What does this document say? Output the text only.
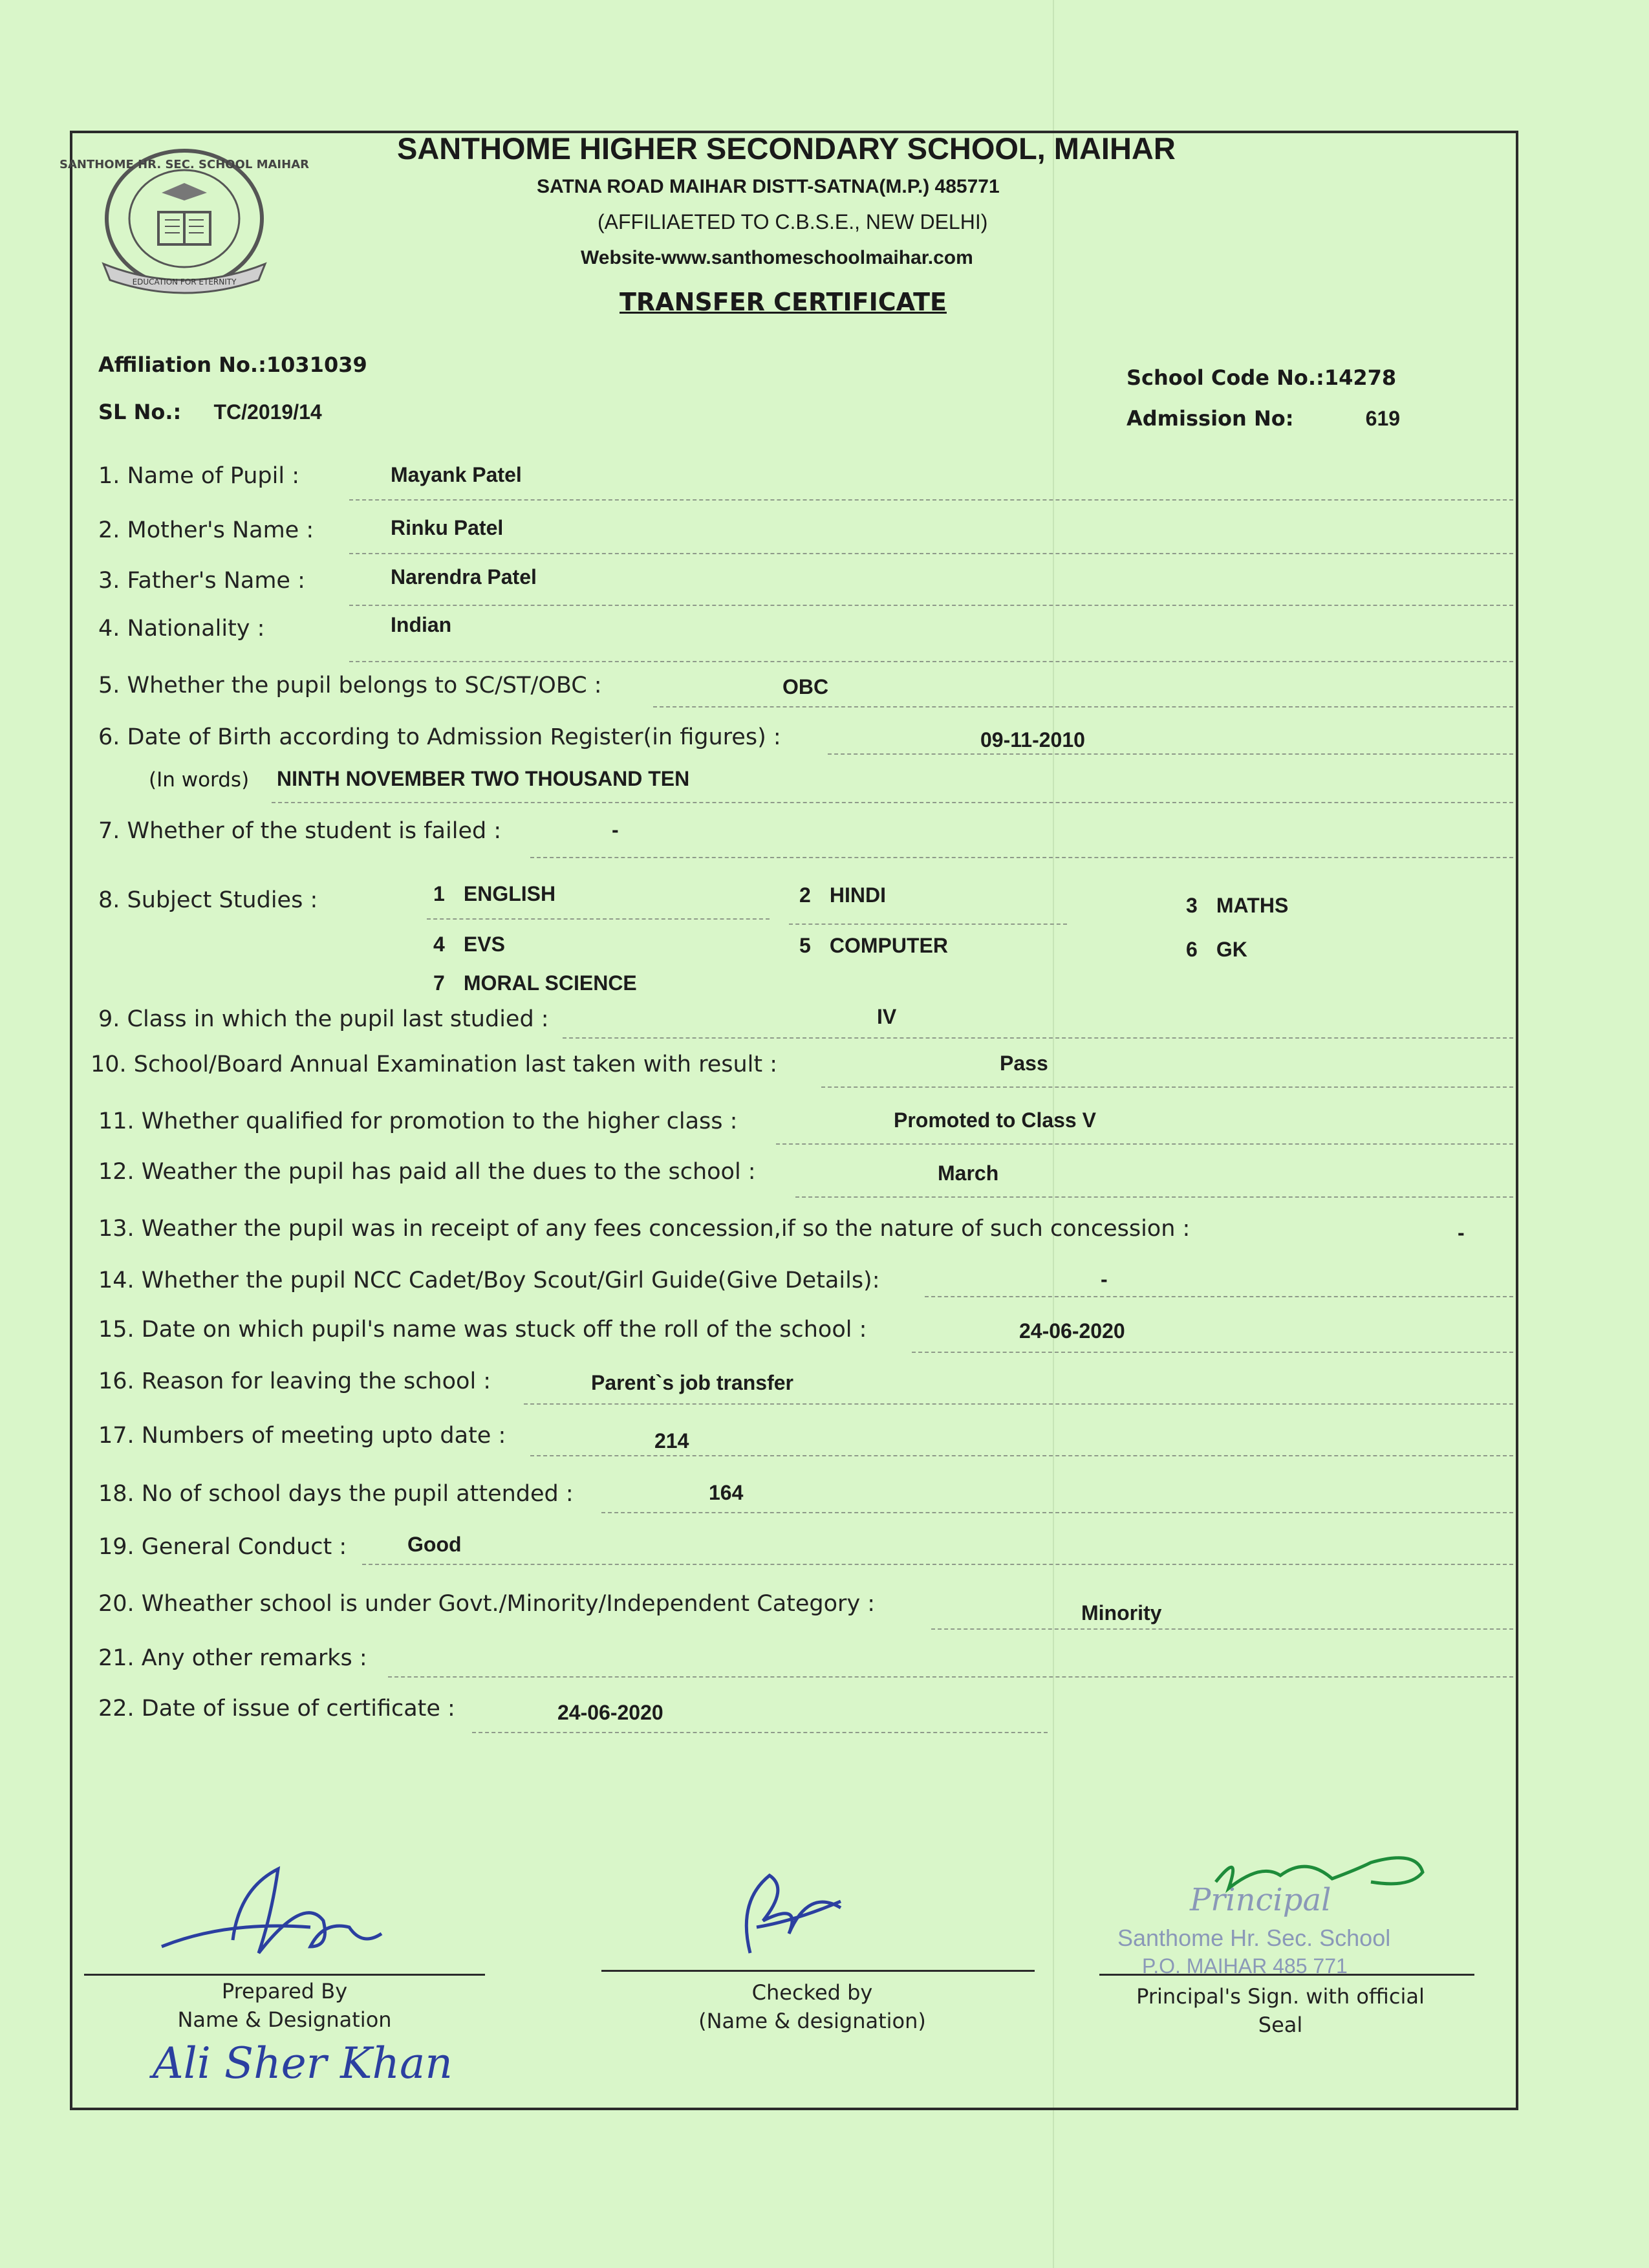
SANTHOME HR. SEC. SCHOOL MAIHAR
EDUCATION FOR ETERNITY
SANTHOME HIGHER SECONDARY SCHOOL, MAIHAR
SATNA ROAD MAIHAR DISTT-SATNA(M.P.) 485771
(AFFILIAETED TO C.B.S.E., NEW DELHI)
Website-www.santhomeschoolmaihar.com
TRANSFER CERTIFICATE
Affiliation No.:1031039
SL No.: TC/2019/14
School Code No.:14278
Admission No:	619
1. Name of Pupil :	Mayank Patel
2. Mother's Name :	Rinku Patel
3. Father's Name :	Narendra Patel
4. Nationality :	Indian
5. Whether the pupil belongs to SC/ST/OBC :	OBC
6. Date of Birth according to Admission Register(in figures) :	09-11-2010
(In words) NINTH NOVEMBER TWO THOUSAND TEN
7. Whether of the student is failed :	-
8. Subject Studies :	1 ENGLISH	2 HINDI	3 MATHS
4 EVS	5 COMPUTER	6 GK
7 MORAL SCIENCE
9. Class in which the pupil last studied :	IV
10. School/Board Annual Examination last taken with result :	Pass
11. Whether qualified for promotion to the higher class :	Promoted to Class V
12. Weather the pupil has paid all the dues to the school :	March
13. Weather the pupil was in receipt of any fees concession,if so the nature of such concession :	-
14. Whether the pupil NCC Cadet/Boy Scout/Girl Guide(Give Details):	-
15. Date on which pupil's name was stuck off the roll of the school :	24-06-2020
16. Reason for leaving the school :	Parent`s job transfer
17. Numbers of meeting upto date :	214
18. No of school days the pupil attended :	164
19. General Conduct :	Good
20. Wheather school is under Govt./Minority/Independent Category :	Minority
21. Any other remarks :
22. Date of issue of certificate :	24-06-2020
Principal
Santhome Hr. Sec. School
P.O. MAIHAR 485 771
Prepared By
Name & Designation
Checked by
(Name & designation)
Principal's Sign. with official
Seal
Ali Sher Khan
